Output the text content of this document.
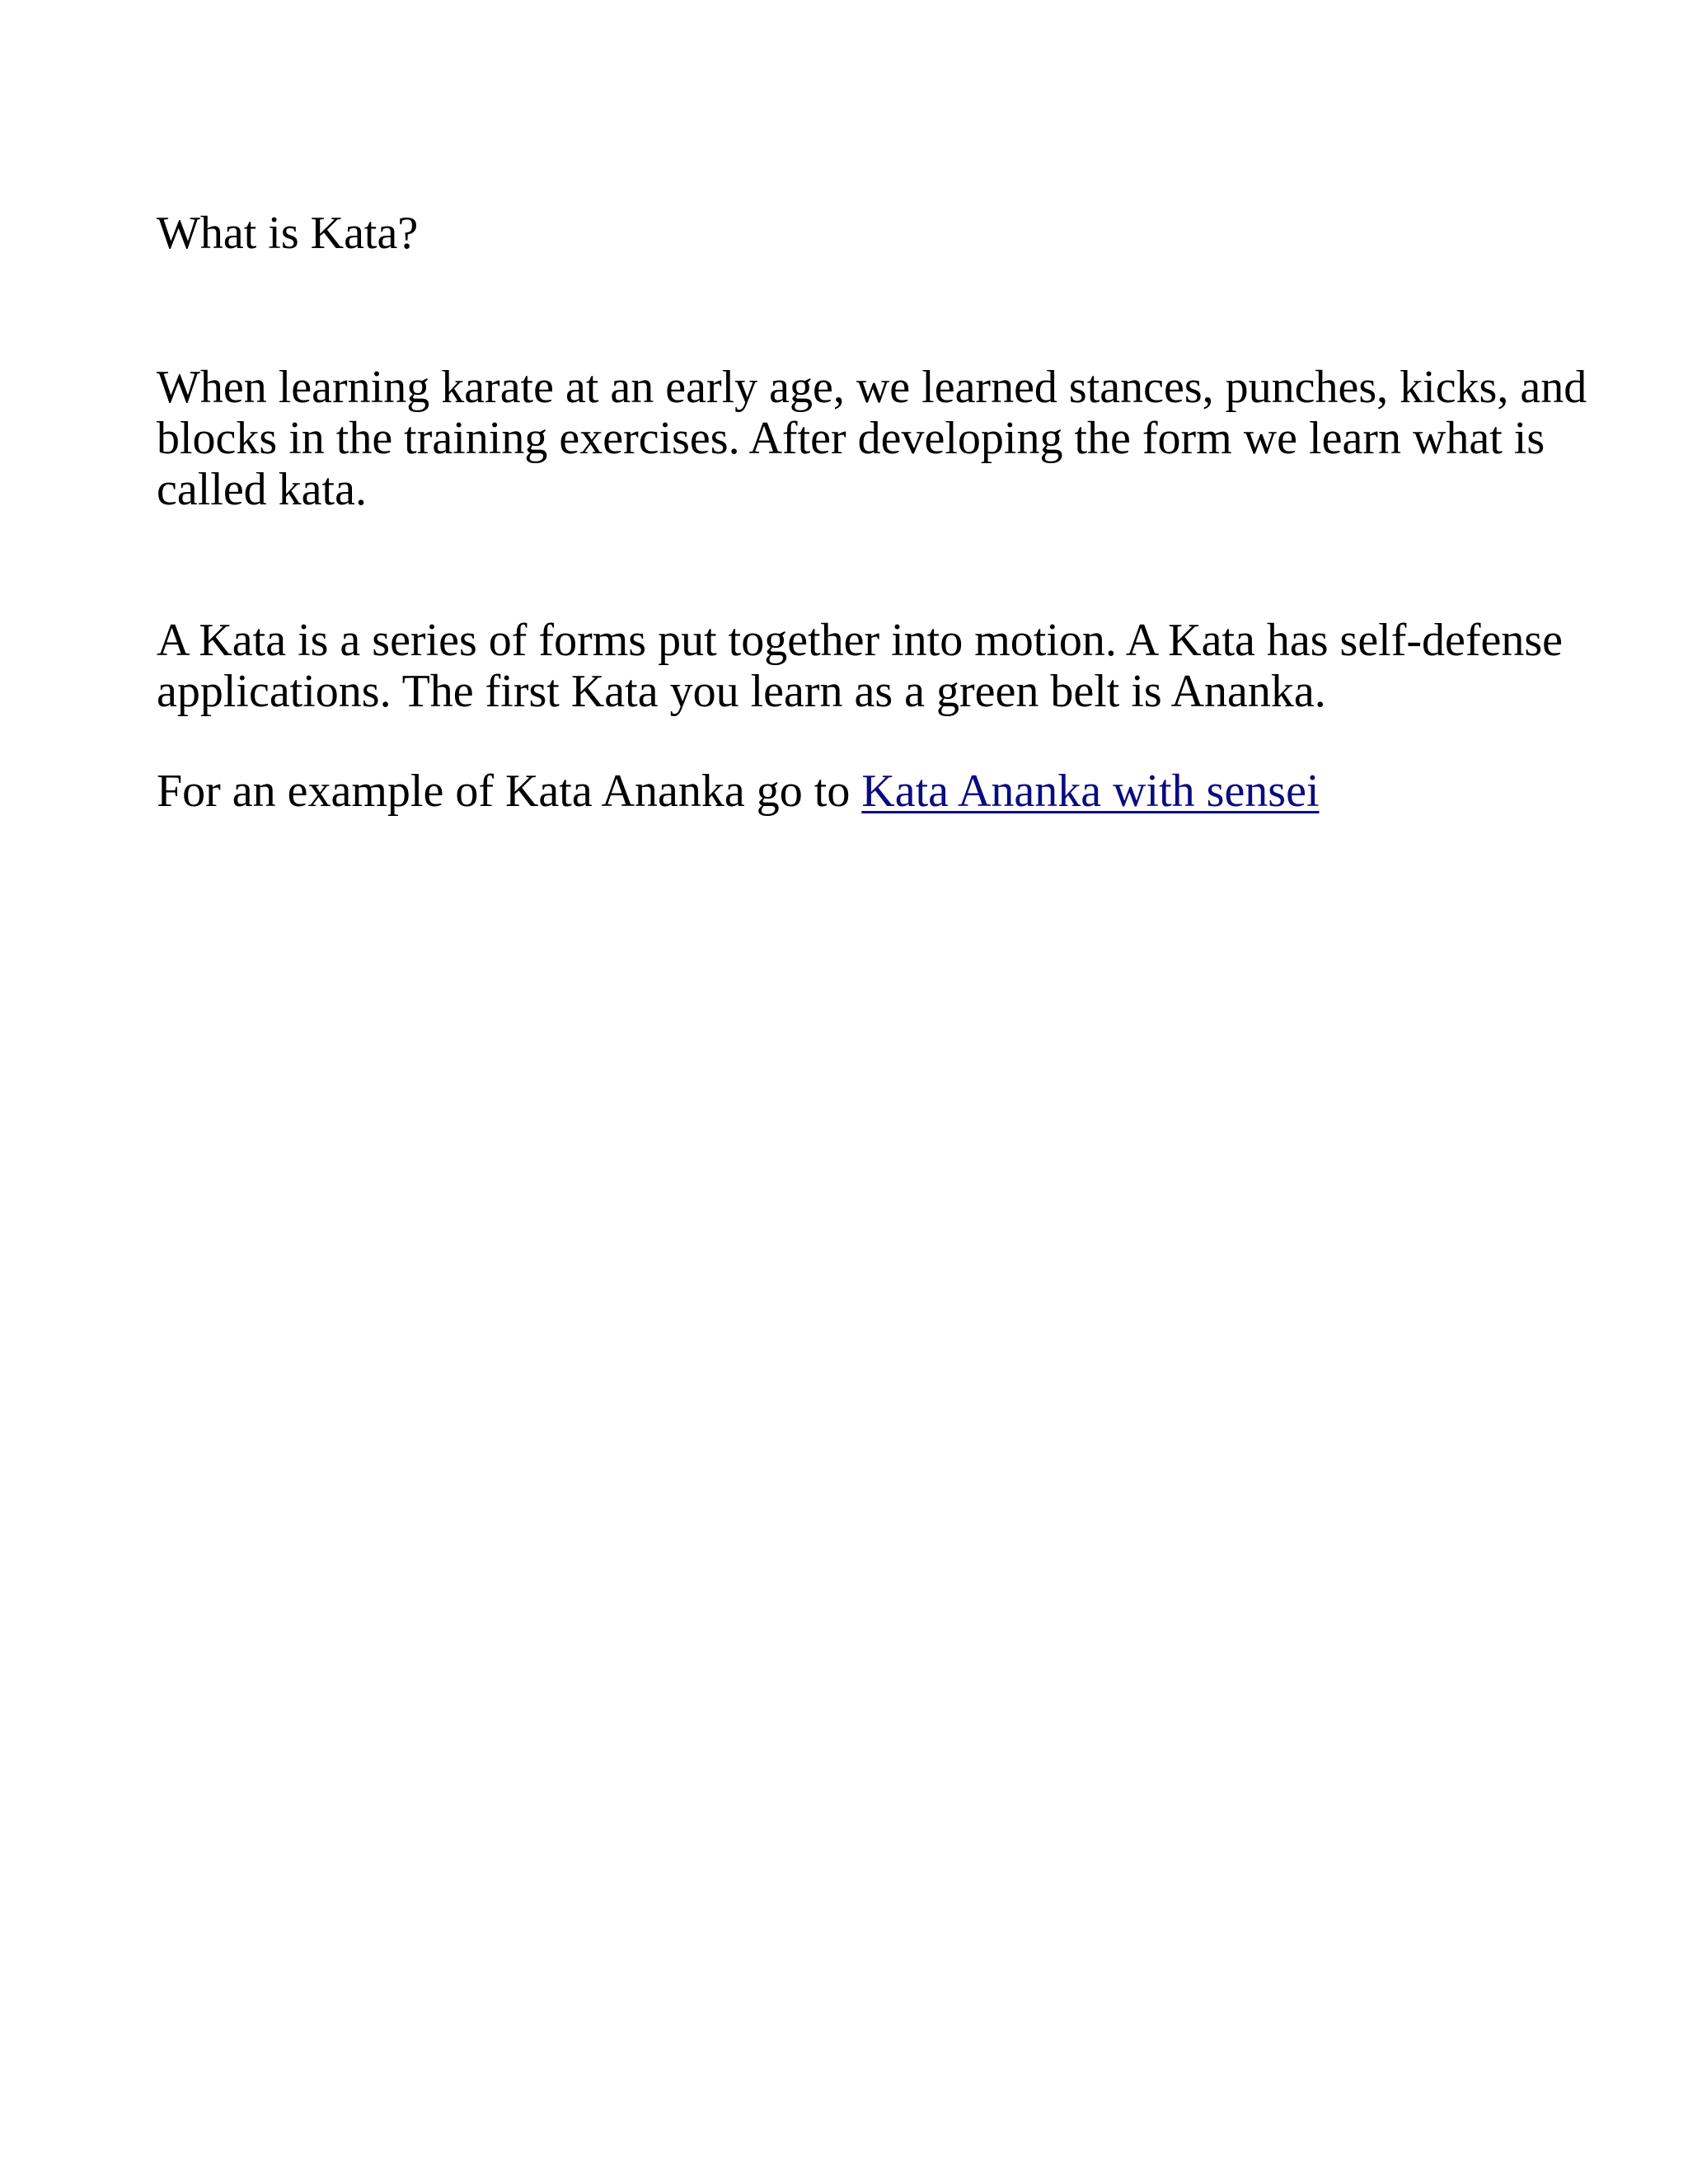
What is Kata?
When learning karate at an early age, we learned stances, punches, kicks, and
blocks in the training exercises. After developing the form we learn what is
called kata.
A Kata is a series of forms put together into motion. A Kata has self-defense
applications. The first Kata you learn as a green belt is Ananka.
For an example of Kata Ananka go to Kata Ananka with sensei
